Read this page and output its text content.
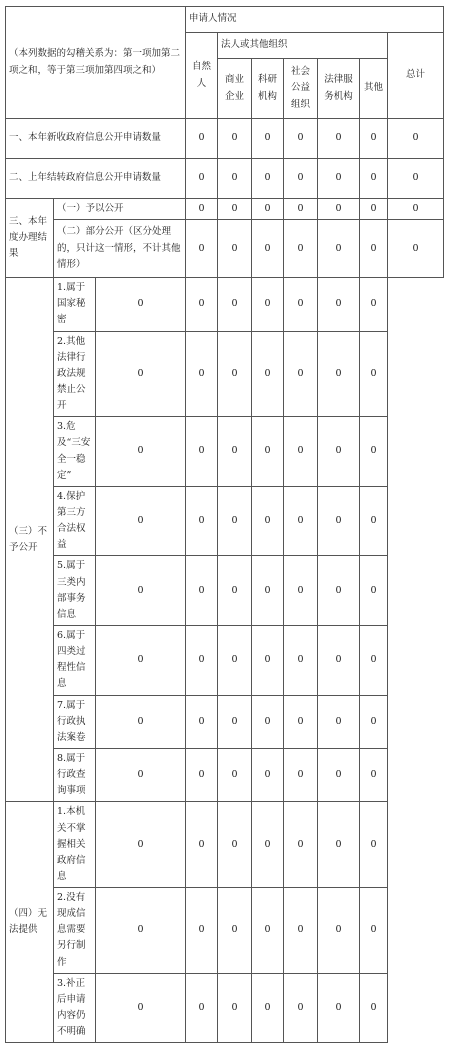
（本列数据的勾稽关系为：第一项加第二项之和，等于第三项加第四项之和）			申请人情况						
			自然人	法人或其他组织					总计
				商业企业	科研机构	社会公益组织	法律服务机构	其他	
一、本年新收政府信息公开申请数量			0	0	0	0	0	0	0
二、上年结转政府信息公开申请数量			0	0	0	0	0	0	0
三、本年度办理结果	（一）予以公开		0	0	0	0	0	0	0
	（二）部分公开（区分处理的，只计这一情形，不计其他情形）		0	0	0	0	0	0	0
（三）不予公开	1.属于国家秘密	0	0	0	0	0	0	0	
	2.其他法律行政法规禁止公开	0	0	0	0	0	0	0	
	3.危及“三安全一稳定”	0	0	0	0	0	0	0	
	4.保护第三方合法权益	0	0	0	0	0	0	0	
	5.属于三类内部事务信息	0	0	0	0	0	0	0	
	6.属于四类过程性信息	0	0	0	0	0	0	0	
	7.属于行政执法案卷	0	0	0	0	0	0	0	
	8.属于行政查询事项	0	0	0	0	0	0	0	
（四）无法提供	1.本机关不掌握相关政府信息	0	0	0	0	0	0	0	
	2.没有现成信息需要另行制作	0	0	0	0	0	0	0	
	3.补正后申请内容仍不明确	0	0	0	0	0	0	0	
